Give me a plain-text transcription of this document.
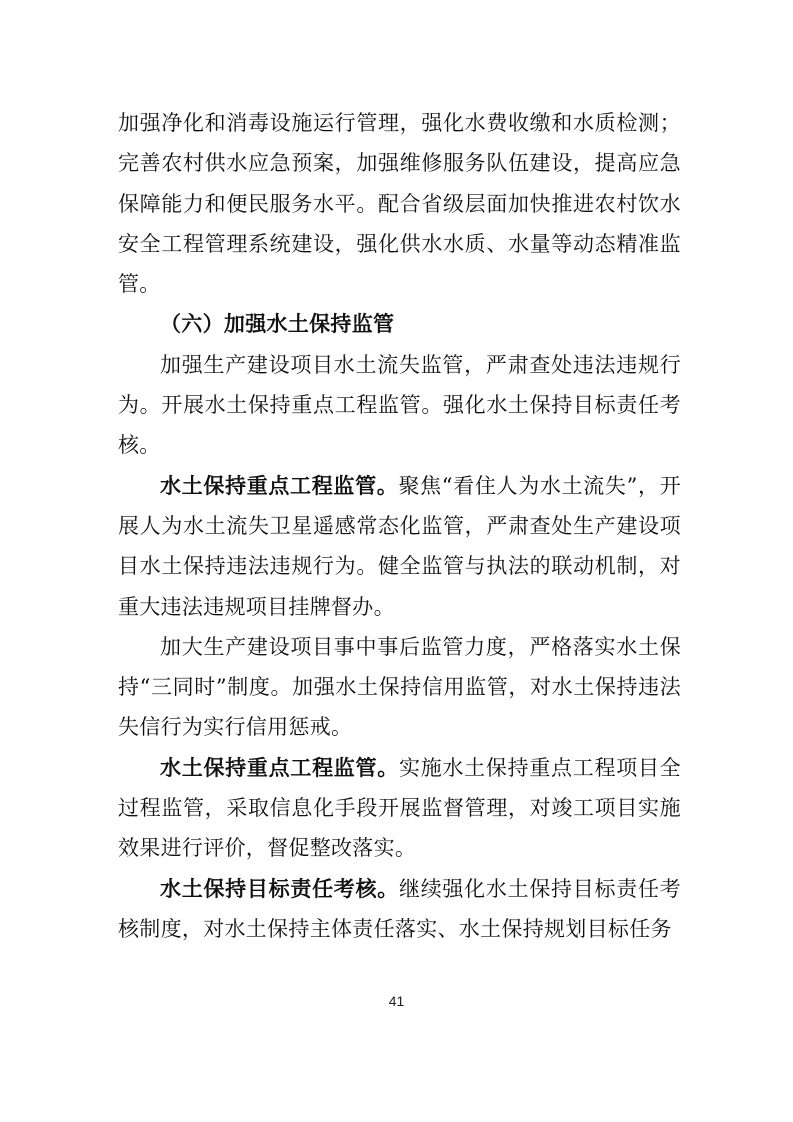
加强净化和消毒设施运行管理，强化水费收缴和水质检测；完善农村供水应急预案，加强维修服务队伍建设，提高应急保障能力和便民服务水平。配合省级层面加快推进农村饮水安全工程管理系统建设，强化供水水质、水量等动态精准监管。

（六）加强水土保持监管

加强生产建设项目水土流失监管，严肃查处违法违规行为。开展水土保持重点工程监管。强化水土保持目标责任考核。

水土保持重点工程监管。聚焦“看住人为水土流失”，开展人为水土流失卫星遥感常态化监管，严肃查处生产建设项目水土保持违法违规行为。健全监管与执法的联动机制，对重大违法违规项目挂牌督办。

加大生产建设项目事中事后监管力度，严格落实水土保持“三同时”制度。加强水土保持信用监管，对水土保持违法失信行为实行信用惩戒。

水土保持重点工程监管。实施水土保持重点工程项目全过程监管，采取信息化手段开展监督管理，对竣工项目实施效果进行评价，督促整改落实。

水土保持目标责任考核。继续强化水土保持目标责任考核制度，对水土保持主体责任落实、水土保持规划目标任务

41
